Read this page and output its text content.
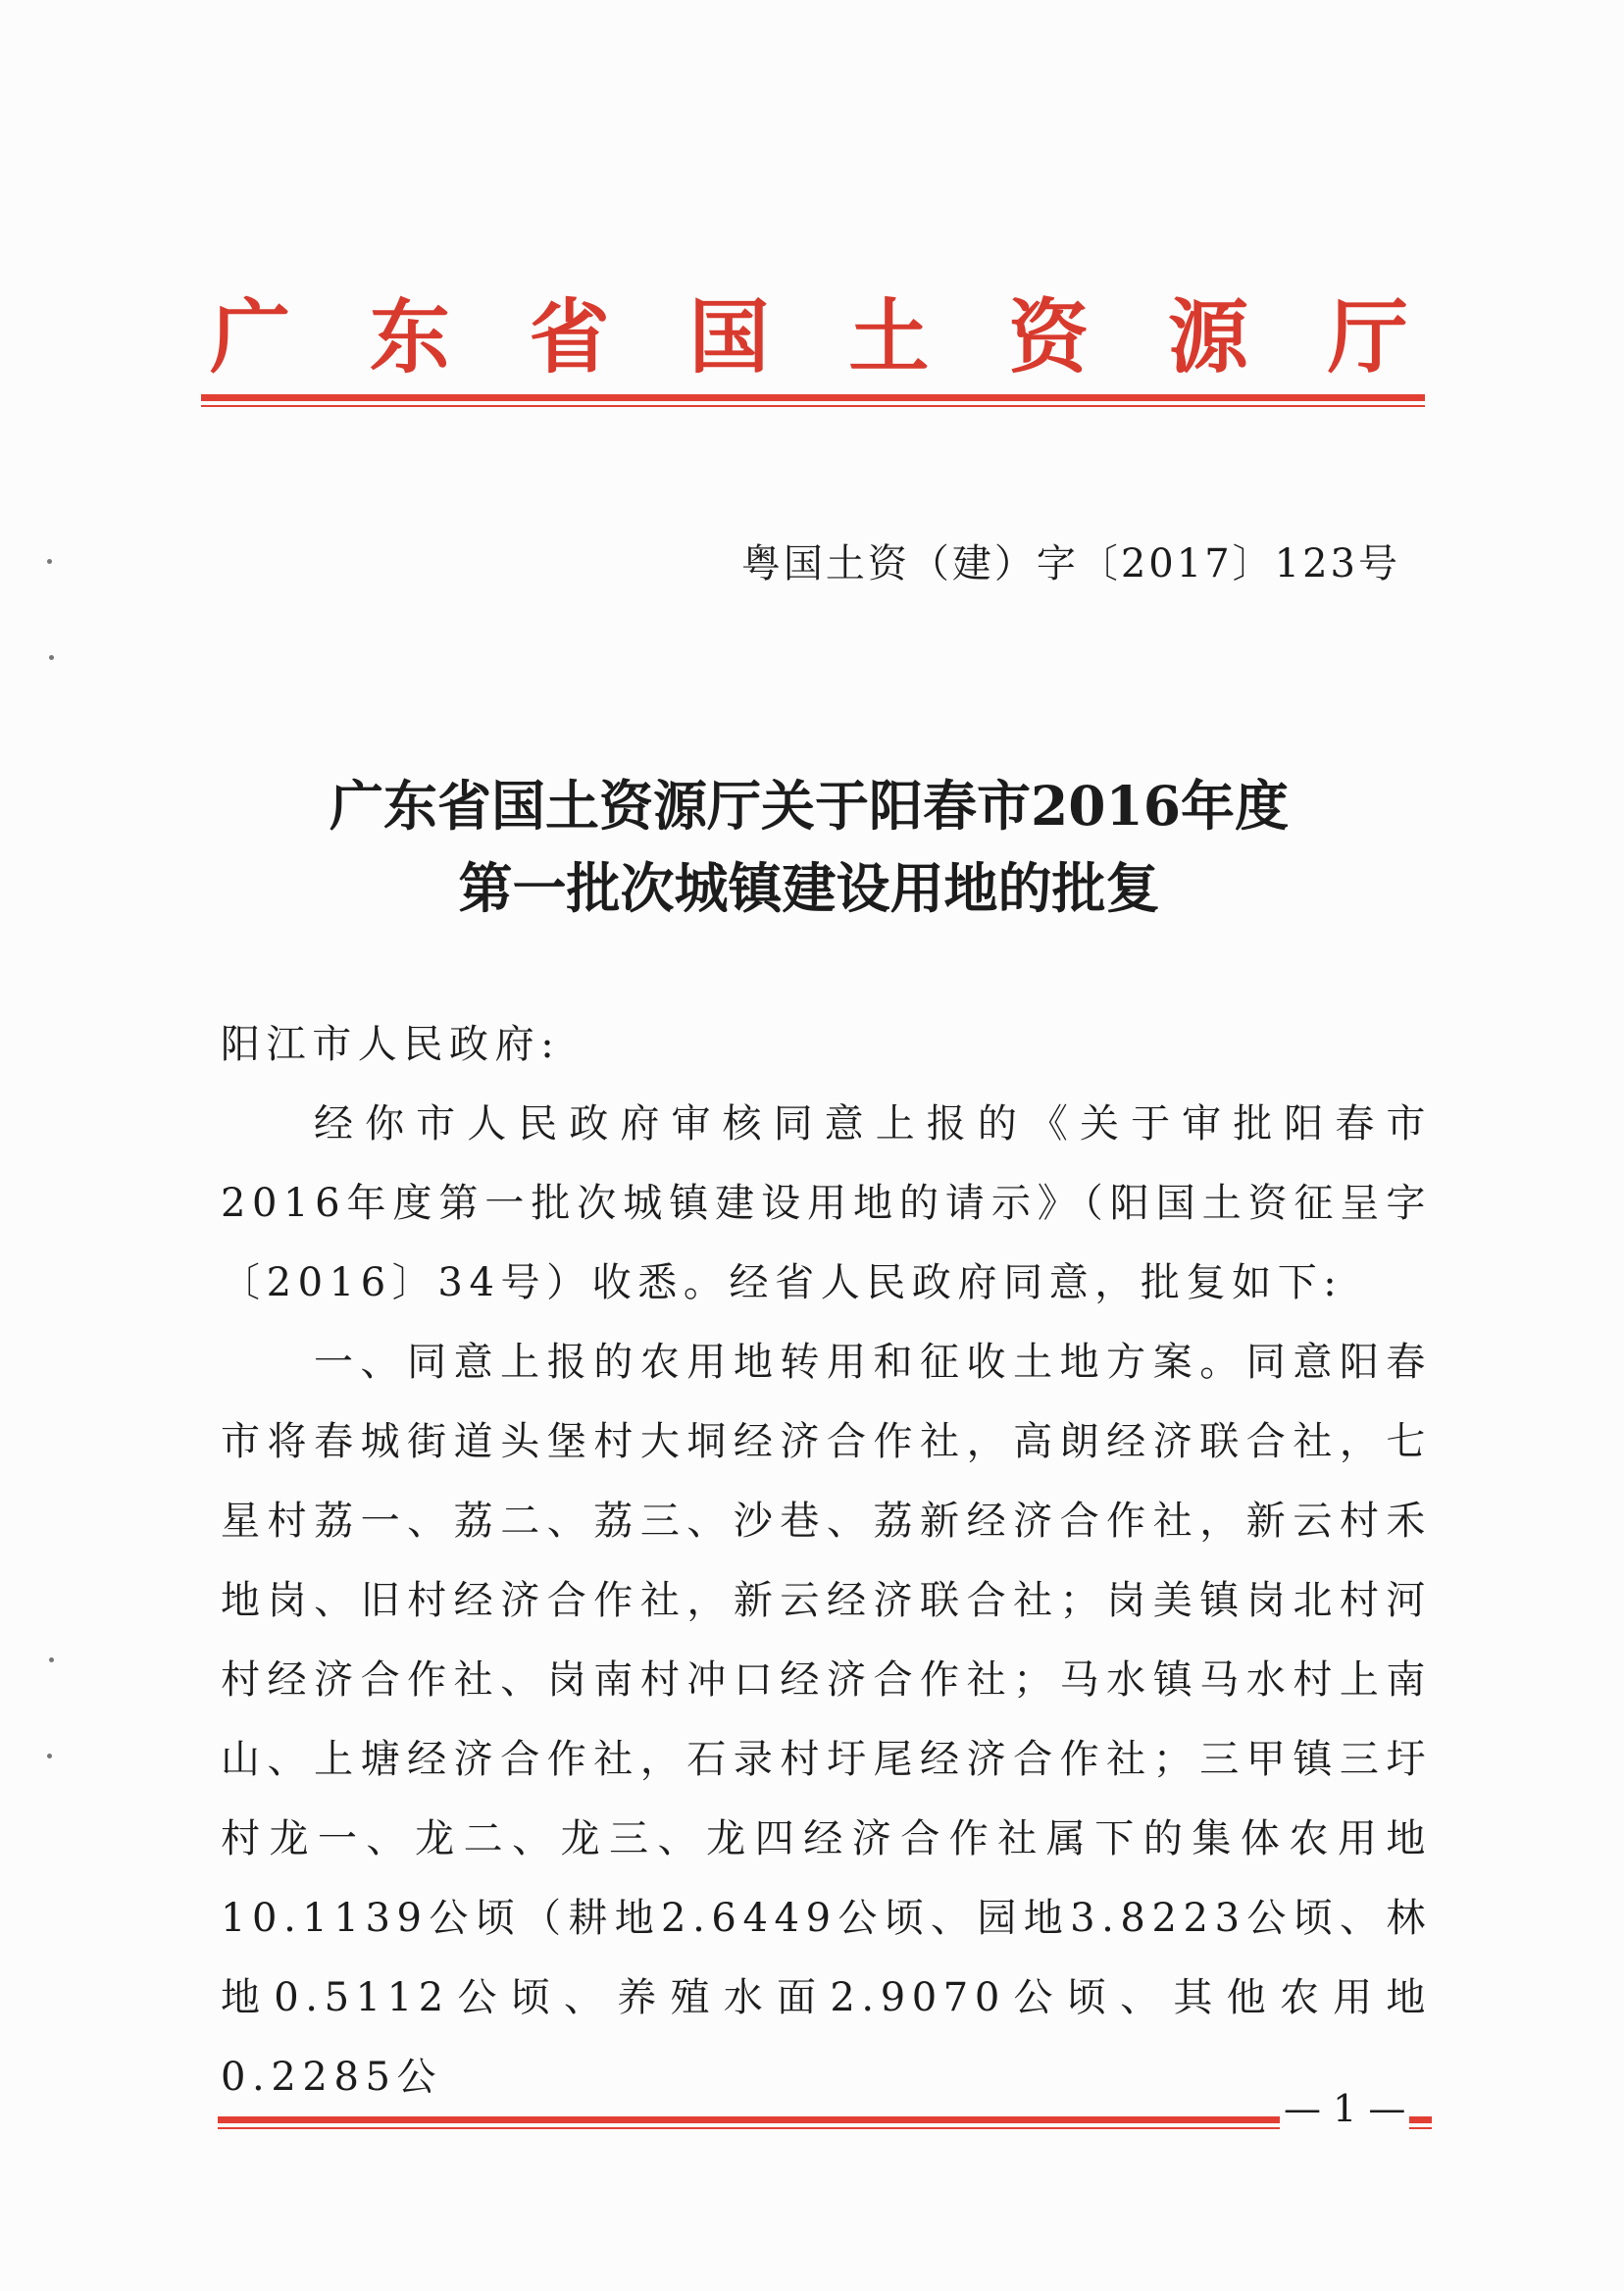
广 东 省 国 土 资 源 厅
粤国土资（建）字〔2017〕123号
广东省国土资源厅关于阳春市2016年度
第一批次城镇建设用地的批复

阳江市人民政府:

经你市人民政府审核同意上报的《关于审批阳春市2016年度第一批次城镇建设用地的请示》（阳国土资征呈字〔2016〕34号）收悉。经省人民政府同意，批复如下:

一、同意上报的农用地转用和征收土地方案。同意阳春市将春城街道头堡村大垌经济合作社，高朗经济联合社，七星村荔一、荔二、荔三、沙巷、荔新经济合作社，新云村禾地岗、旧村经济合作社，新云经济联合社；岗美镇岗北村河村经济合作社、岗南村冲口经济合作社；马水镇马水村上南山、上塘经济合作社，石录村圩尾经济合作社；三甲镇三圩村龙一、龙二、龙三、龙四经济合作社属下的集体农用地10.1139公顷（耕地2.6449公顷、园地3.8223公顷、林地0.5112公顷、养殖水面2.9070公顷、其他农用地0.2285公

— 1 —
